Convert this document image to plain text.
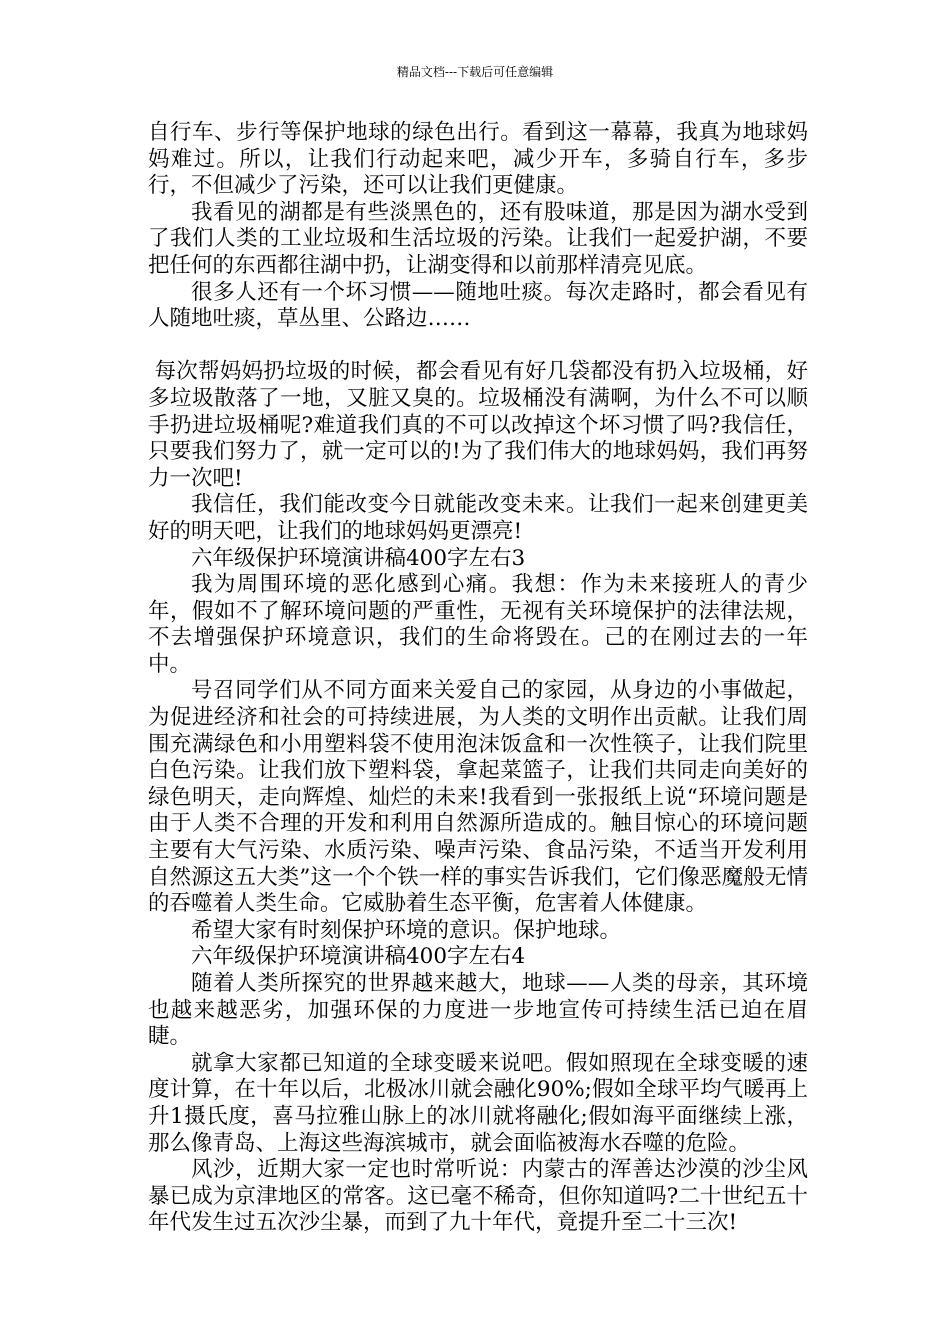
精品文档---下载后可任意编辑

自行车、步行等保护地球的绿色出行。看到这一幕幕，我真为地球妈妈难过。所以，让我们行动起来吧，减少开车，多骑自行车，多步行，不但减少了污染，还可以让我们更健康。

我看见的湖都是有些淡黑色的，还有股味道，那是因为湖水受到了我们人类的工业垃圾和生活垃圾的污染。让我们一起爱护湖，不要把任何的东西都往湖中扔，让湖变得和以前那样清亮见底。

很多人还有一个坏习惯——随地吐痰。每次走路时，都会看见有人随地吐痰，草丛里、公路边……

每次帮妈妈扔垃圾的时候，都会看见有好几袋都没有扔入垃圾桶，好多垃圾散落了一地，又脏又臭的。垃圾桶没有满啊，为什么不可以顺手扔进垃圾桶呢?难道我们真的不可以改掉这个坏习惯了吗?我信任，只要我们努力了，就一定可以的!为了我们伟大的地球妈妈，我们再努力一次吧!

我信任，我们能改变今日就能改变未来。让我们一起来创建更美好的明天吧，让我们的地球妈妈更漂亮!

六年级保护环境演讲稿400字左右3

我为周围环境的恶化感到心痛。我想：作为未来接班人的青少年，假如不了解环境问题的严重性，无视有关环境保护的法律法规，不去增强保护环境意识，我们的生命将毁在。己的在刚过去的一年中。

号召同学们从不同方面来关爱自己的家园，从身边的小事做起，为促进经济和社会的可持续进展，为人类的文明作出贡献。让我们周围充满绿色和小用塑料袋不使用泡沫饭盒和一次性筷子，让我们院里白色污染。让我们放下塑料袋，拿起菜篮子，让我们共同走向美好的绿色明天，走向辉煌、灿烂的未来!我看到一张报纸上说“环境问题是由于人类不合理的开发和利用自然源所造成的。触目惊心的环境问题主要有大气污染、水质污染、噪声污染、食品污染，不适当开发利用自然源这五大类”这一个个铁一样的事实告诉我们，它们像恶魔般无情的吞噬着人类生命。它威胁着生态平衡，危害着人体健康。

希望大家有时刻保护环境的意识。保护地球。

六年级保护环境演讲稿400字左右4

随着人类所探究的世界越来越大，地球——人类的母亲，其环境也越来越恶劣，加强环保的力度进一步地宣传可持续生活已迫在眉睫。

就拿大家都已知道的全球变暖来说吧。假如照现在全球变暖的速度计算，在十年以后，北极冰川就会融化90%;假如全球平均气暖再上升1摄氏度，喜马拉雅山脉上的冰川就将融化;假如海平面继续上涨，那么像青岛、上海这些海滨城市，就会面临被海水吞噬的危险。

风沙，近期大家一定也时常听说：内蒙古的浑善达沙漠的沙尘风暴已成为京津地区的常客。这已毫不稀奇，但你知道吗?二十世纪五十年代发生过五次沙尘暴，而到了九十年代，竟提升至二十三次!
